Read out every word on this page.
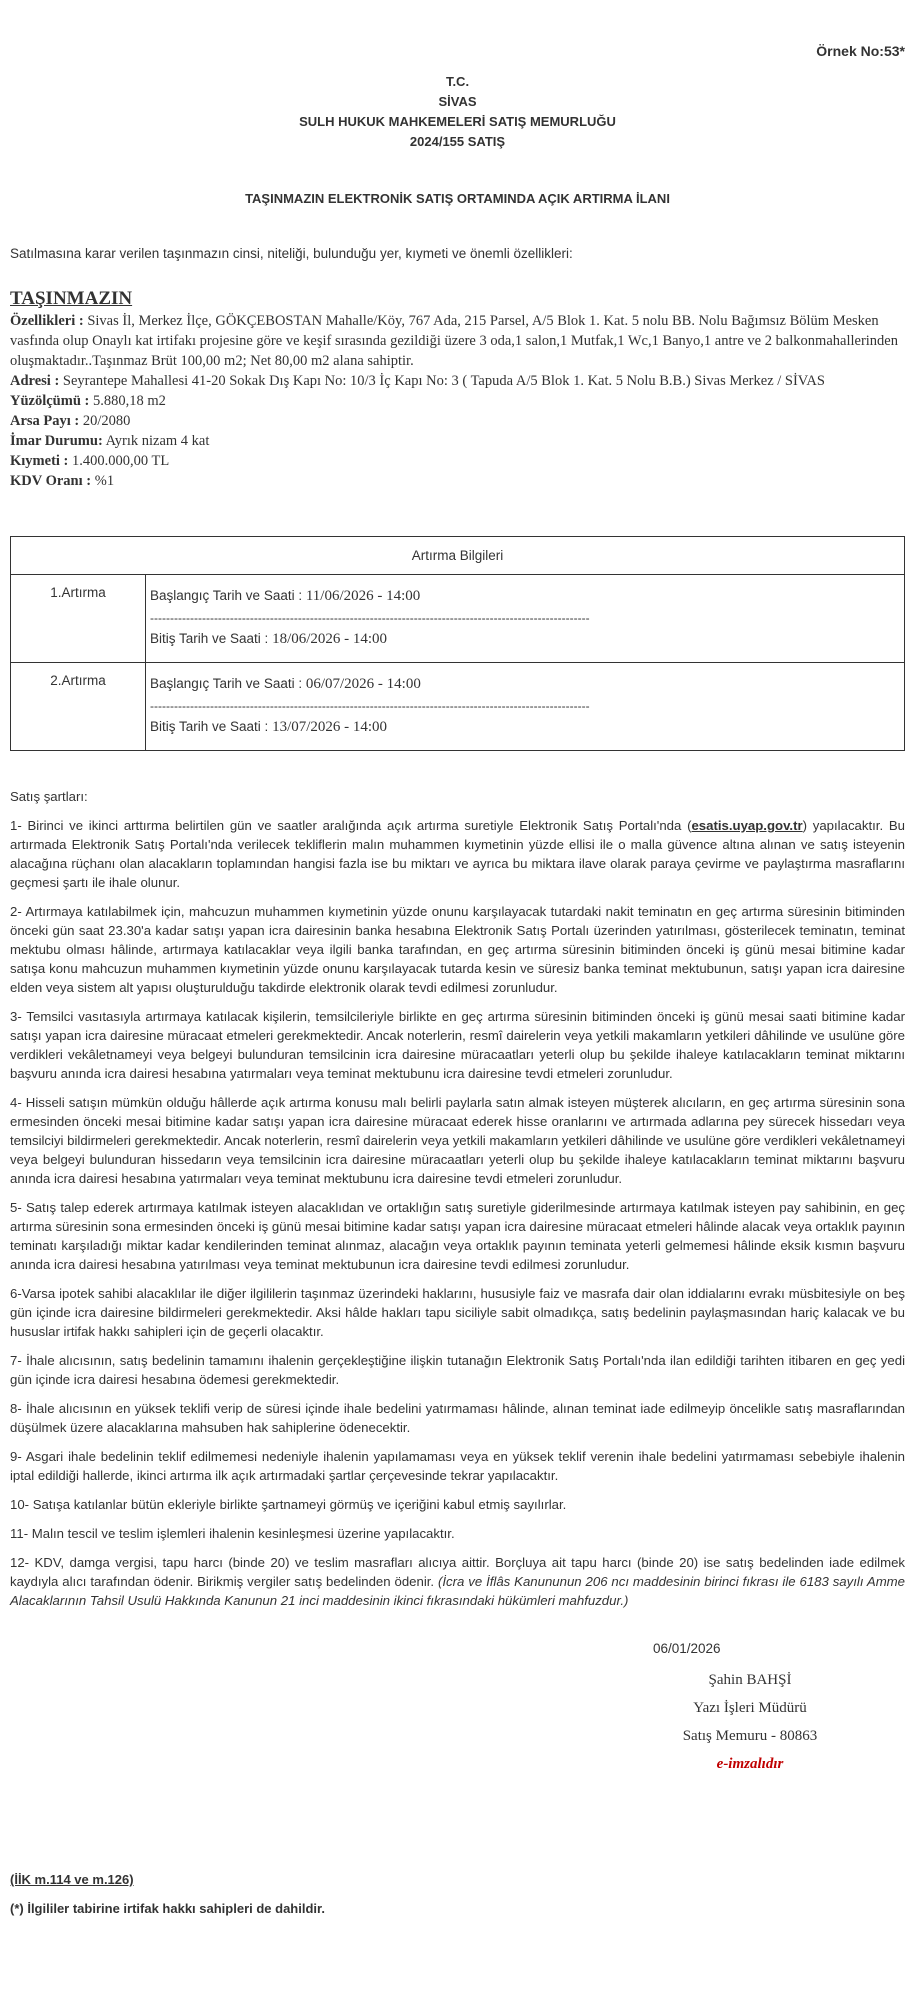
Örnek No:53*
T.C.
SİVAS
SULH HUKUK MAHKEMELERİ SATIŞ MEMURLUĞU
2024/155 SATIŞ
TAŞINMAZIN ELEKTRONİK SATIŞ ORTAMINDA AÇIK ARTIRMA İLANI
Satılmasına karar verilen taşınmazın cinsi, niteliği, bulunduğu yer, kıymeti ve önemli özellikleri:
TAŞINMAZIN
Özellikleri : Sivas İl, Merkez İlçe, GÖKÇEBOSTAN Mahalle/Köy, 767 Ada, 215 Parsel, A/5 Blok 1. Kat. 5 nolu BB. Nolu Bağımsız Bölüm Mesken vasfında olup Onaylı kat irtifakı projesine göre ve keşif sırasında gezildiği üzere 3 oda,1 salon,1 Mutfak,1 Wc,1 Banyo,1 antre ve 2 balkonmahallerinden oluşmaktadır..Taşınmaz Brüt 100,00 m2; Net 80,00 m2 alana sahiptir.
Adresi : Seyrantepe Mahallesi 41-20 Sokak Dış Kapı No: 10/3 İç Kapı No: 3 ( Tapuda A/5 Blok 1. Kat. 5 Nolu B.B.) Sivas Merkez / SİVAS
Yüzölçümü : 5.880,18 m2
Arsa Payı : 20/2080
İmar Durumu: Ayrık nizam 4 kat
Kıymeti : 1.400.000,00 TL
KDV Oranı : %1
Artırma Bilgileri	
1.Artırma	Başlangıç Tarih ve Saati : 11/06/2026 - 14:00
--------------------------------------------------------------------------------------------------------------
Bitiş Tarih ve Saati : 18/06/2026 - 14:00

2.Artırma	Başlangıç Tarih ve Saati : 06/07/2026 - 14:00
--------------------------------------------------------------------------------------------------------------
Bitiş Tarih ve Saati : 13/07/2026 - 14:00

Satış şartları:

1- Birinci ve ikinci arttırma belirtilen gün ve saatler aralığında açık artırma suretiyle Elektronik Satış Portalı'nda (esatis.uyap.gov.tr) yapılacaktır. Bu artırmada Elektronik Satış Portalı'nda verilecek tekliflerin malın muhammen kıymetinin yüzde ellisi ile o malla güvence altına alınan ve satış isteyenin alacağına rüçhanı olan alacakların toplamından hangisi fazla ise bu miktarı ve ayrıca bu miktara ilave olarak paraya çevirme ve paylaştırma masraflarını geçmesi şartı ile ihale olunur.

2- Artırmaya katılabilmek için, mahcuzun muhammen kıymetinin yüzde onunu karşılayacak tutardaki nakit teminatın en geç artırma süresinin bitiminden önceki gün saat 23.30'a kadar satışı yapan icra dairesinin banka hesabına Elektronik Satış Portalı üzerinden yatırılması, gösterilecek teminatın, teminat mektubu olması hâlinde, artırmaya katılacaklar veya ilgili banka tarafından, en geç artırma süresinin bitiminden önceki iş günü mesai bitimine kadar satışa konu mahcuzun muhammen kıymetinin yüzde onunu karşılayacak tutarda kesin ve süresiz banka teminat mektubunun, satışı yapan icra dairesine elden veya sistem alt yapısı oluşturulduğu takdirde elektronik olarak tevdi edilmesi zorunludur.

3- Temsilci vasıtasıyla artırmaya katılacak kişilerin, temsilcileriyle birlikte en geç artırma süresinin bitiminden önceki iş günü mesai saati bitimine kadar satışı yapan icra dairesine müracaat etmeleri gerekmektedir. Ancak noterlerin, resmî dairelerin veya yetkili makamların yetkileri dâhilinde ve usulüne göre verdikleri vekâletnameyi veya belgeyi bulunduran temsilcinin icra dairesine müracaatları yeterli olup bu şekilde ihaleye katılacakların teminat miktarını başvuru anında icra dairesi hesabına yatırmaları veya teminat mektubunu icra dairesine tevdi etmeleri zorunludur.

4- Hisseli satışın mümkün olduğu hâllerde açık artırma konusu malı belirli paylarla satın almak isteyen müşterek alıcıların, en geç artırma süresinin sona ermesinden önceki mesai bitimine kadar satışı yapan icra dairesine müracaat ederek hisse oranlarını ve artırmada adlarına pey sürecek hissedarı veya temsilciyi bildirmeleri gerekmektedir. Ancak noterlerin, resmî dairelerin veya yetkili makamların yetkileri dâhilinde ve usulüne göre verdikleri vekâletnameyi veya belgeyi bulunduran hissedarın veya temsilcinin icra dairesine müracaatları yeterli olup bu şekilde ihaleye katılacakların teminat miktarını başvuru anında icra dairesi hesabına yatırmaları veya teminat mektubunu icra dairesine tevdi etmeleri zorunludur.

5- Satış talep ederek artırmaya katılmak isteyen alacaklıdan ve ortaklığın satış suretiyle giderilmesinde artırmaya katılmak isteyen pay sahibinin, en geç artırma süresinin sona ermesinden önceki iş günü mesai bitimine kadar satışı yapan icra dairesine müracaat etmeleri hâlinde alacak veya ortaklık payının teminatı karşıladığı miktar kadar kendilerinden teminat alınmaz, alacağın veya ortaklık payının teminata yeterli gelmemesi hâlinde eksik kısmın başvuru anında icra dairesi hesabına yatırılması veya teminat mektubunun icra dairesine tevdi edilmesi zorunludur.

6-Varsa ipotek sahibi alacaklılar ile diğer ilgililerin taşınmaz üzerindeki haklarını, hususiyle faiz ve masrafa dair olan iddialarını evrakı müsbitesiyle on beş gün içinde icra dairesine bildirmeleri gerekmektedir. Aksi hâlde hakları tapu siciliyle sabit olmadıkça, satış bedelinin paylaşmasından hariç kalacak ve bu hususlar irtifak hakkı sahipleri için de geçerli olacaktır.

7- İhale alıcısının, satış bedelinin tamamını ihalenin gerçekleştiğine ilişkin tutanağın Elektronik Satış Portalı'nda ilan edildiği tarihten itibaren en geç yedi gün içinde icra dairesi hesabına ödemesi gerekmektedir.

8- İhale alıcısının en yüksek teklifi verip de süresi içinde ihale bedelini yatırmaması hâlinde, alınan teminat iade edilmeyip öncelikle satış masraflarından düşülmek üzere alacaklarına mahsuben hak sahiplerine ödenecektir.

9- Asgari ihale bedelinin teklif edilmemesi nedeniyle ihalenin yapılamaması veya en yüksek teklif verenin ihale bedelini yatırmaması sebebiyle ihalenin iptal edildiği hallerde, ikinci artırma ilk açık artırmadaki şartlar çerçevesinde tekrar yapılacaktır.

10- Satışa katılanlar bütün ekleriyle birlikte şartnameyi görmüş ve içeriğini kabul etmiş sayılırlar.

11- Malın tescil ve teslim işlemleri ihalenin kesinleşmesi üzerine yapılacaktır.

12- KDV, damga vergisi, tapu harcı (binde 20) ve teslim masrafları alıcıya aittir. Borçluya ait tapu harcı (binde 20) ise satış bedelinden iade edilmek kaydıyla alıcı tarafından ödenir. Birikmiş vergiler satış bedelinden ödenir. (İcra ve İflâs Kanununun 206 ncı maddesinin birinci fıkrası ile 6183 sayılı Amme Alacaklarının Tahsil Usulü Hakkında Kanunun 21 inci maddesinin ikinci fıkrasındaki hükümleri mahfuzdur.)

06/01/2026
Şahin BAHŞİ
Yazı İşleri Müdürü
Satış Memuru - 80863
e-imzalıdır
(İİK m.114 ve m.126)
(*) İlgililer tabirine irtifak hakkı sahipleri de dahildir.
